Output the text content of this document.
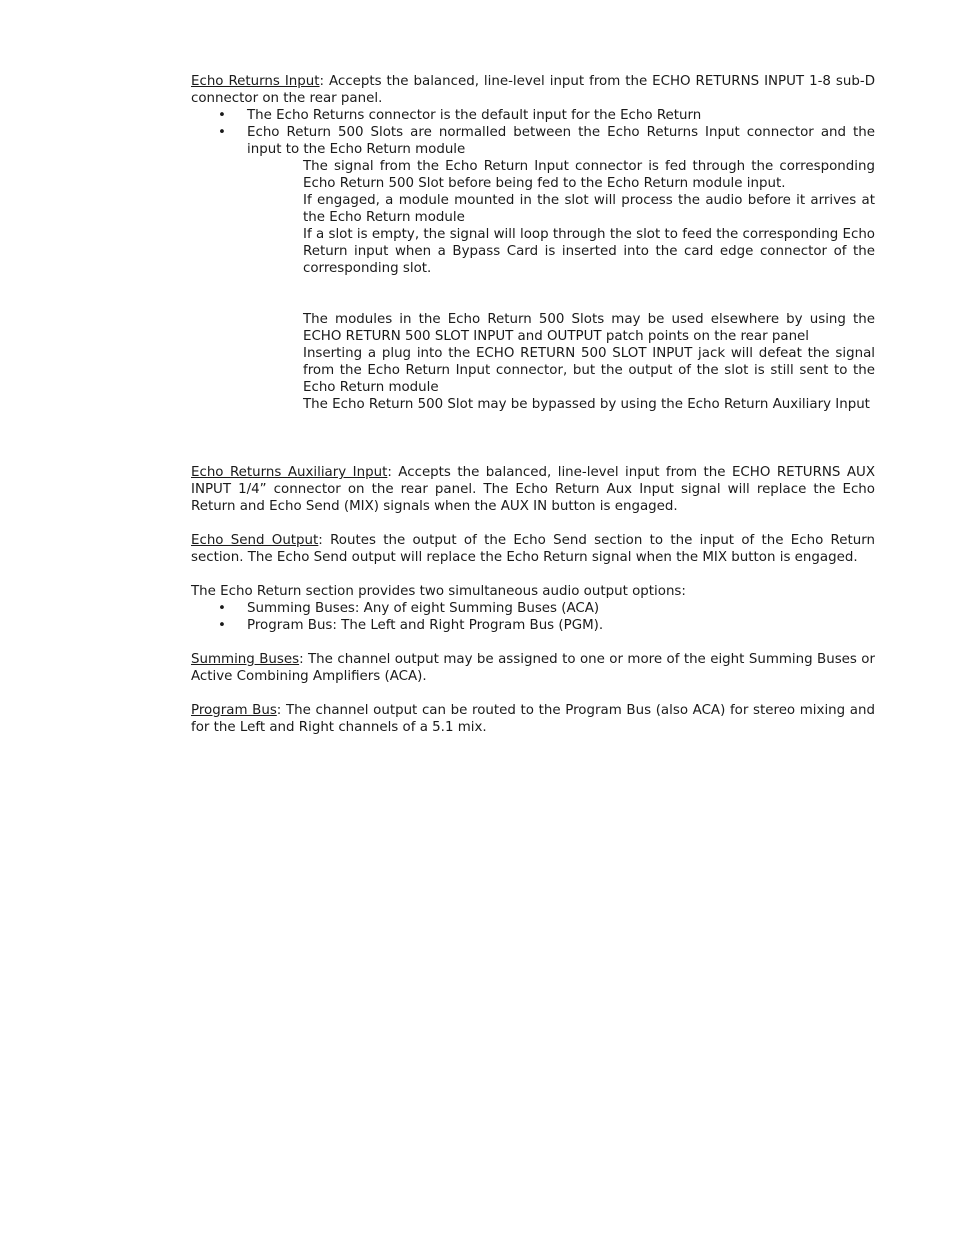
Echo Returns Input: Accepts the balanced, line-level input from the ECHO RETURNS INPUT 1-8 sub-D connector on the rear panel.

• The Echo Returns connector is the default input for the Echo Return
• Echo Return 500 Slots are normalled between the Echo Returns Input connector and the input to the Echo Return module

The signal from the Echo Return Input connector is fed through the corresponding Echo Return 500 Slot before being fed to the Echo Return module input.

If engaged, a module mounted in the slot will process the audio before it arrives at the Echo Return module

If a slot is empty, the signal will loop through the slot to feed the corresponding Echo Return input when a Bypass Card is inserted into the card edge connector of the corresponding slot.

The modules in the Echo Return 500 Slots may be used elsewhere by using the ECHO RETURN 500 SLOT INPUT and OUTPUT patch points on the rear panel

Inserting a plug into the ECHO RETURN 500 SLOT INPUT jack will defeat the signal from the Echo Return Input connector, but the output of the slot is still sent to the Echo Return module

The Echo Return 500 Slot may be bypassed by using the Echo Return Auxiliary Input

Echo Returns Auxiliary Input: Accepts the balanced, line-level input from the ECHO RETURNS AUX INPUT 1/4” connector on the rear panel. The Echo Return Aux Input signal will replace the Echo Return and Echo Send (MIX) signals when the AUX IN button is engaged.

Echo Send Output: Routes the output of the Echo Send section to the input of the Echo Return section. The Echo Send output will replace the Echo Return signal when the MIX button is engaged.

The Echo Return section provides two simultaneous audio output options:

• Summing Buses: Any of eight Summing Buses (ACA)
• Program Bus: The Left and Right Program Bus (PGM).

Summing Buses: The channel output may be assigned to one or more of the eight Summing Buses or Active Combining Amplifiers (ACA).

Program Bus: The channel output can be routed to the Program Bus (also ACA) for stereo mixing and for the Left and Right channels of a 5.1 mix.
